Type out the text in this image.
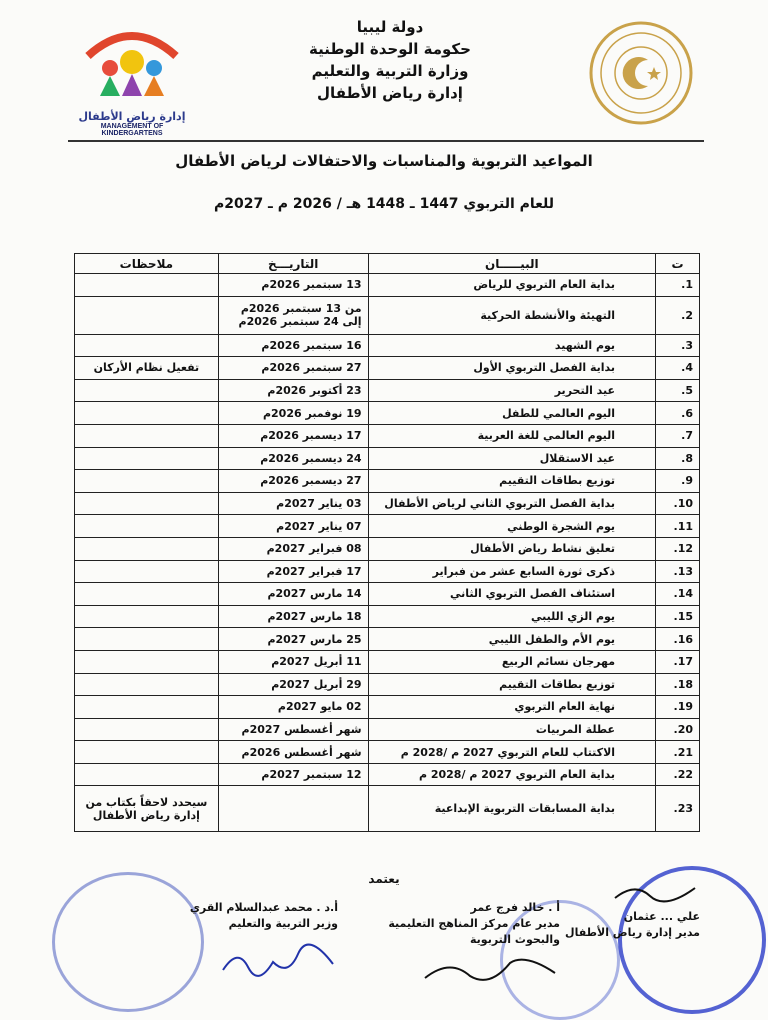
دولة ليبيا
حكومة الوحدة الوطنية
وزارة التربية والتعليم
إدارة رياض الأطفال
إدارة رياض الأطفال
MANAGEMENT OF KINDERGARTENS
المواعيد التربوية والمناسبات والاحتفالات لرياض الأطفال
للعام التربوي 1447 ـ 1448 هـ / 2026 م ـ 2027م
ت	البيـــــان	التاريـــخ	ملاحظات
1.	بداية العام التربوي للرياض	13 سبتمبر 2026م	
2.	التهيئة والأنشطة الحركية	من 13 سبتمبر 2026م
إلى 24 سبتمبر 2026م	

3.	يوم الشهيد	16 سبتمبر 2026م	
4.	بداية الفصل التربوي الأول	27 سبتمبر 2026م	تفعيل نظام الأركان
5.	عيد التحرير	23 أكتوبر 2026م	
6.	اليوم العالمي للطفل	19 نوفمبر 2026م	
7.	اليوم العالمي للغة العربية	17 ديسمبر 2026م	
8.	عيد الاستقلال	24 ديسمبر 2026م	
9.	توزيع بطاقات التقييم	27 ديسمبر 2026م	
10.	بداية الفصل التربوي الثاني لرياض الأطفال	03 يناير 2027م	
11.	يوم الشجرة الوطني	07 يناير 2027م	
12.	تعليق نشاط رياض الأطفال	08 فبراير 2027م	
13.	ذكرى ثورة السابع عشر من فبراير	17 فبراير 2027م	
14.	استئناف الفصل التربوي الثاني	14 مارس 2027م	
15.	يوم الزي الليبي	18 مارس 2027م	
16.	يوم الأم والطفل الليبي	25 مارس 2027م	
17.	مهرجان نسائم الربيع	11 أبريل 2027م	
18.	توزيع بطاقات التقييم	29 أبريل 2027م	
19.	نهاية العام التربوي	02 مايو 2027م	
20.	عطلة المربيات	شهر أغسطس 2027م	
21.	الاكتتاب للعام التربوي 2027 م /2028 م	شهر أغسطس 2026م	
22.	بداية العام التربوي 2027 م /2028 م	12 سبتمبر 2027م	
23.	بداية المسابقات التربوية الإبداعية		سيحدد لاحقاً بكتاب من إدارة رياض الأطفال
يعتمد
أ.د . محمد عبدالسلام القري
وزير التربية والتعليم
أ . خالد فرج عمر
مدير عام مركز المناهج التعليمية
والبحوث التربوية
علي ... عثمان
مدير إدارة رياض الأطفال
